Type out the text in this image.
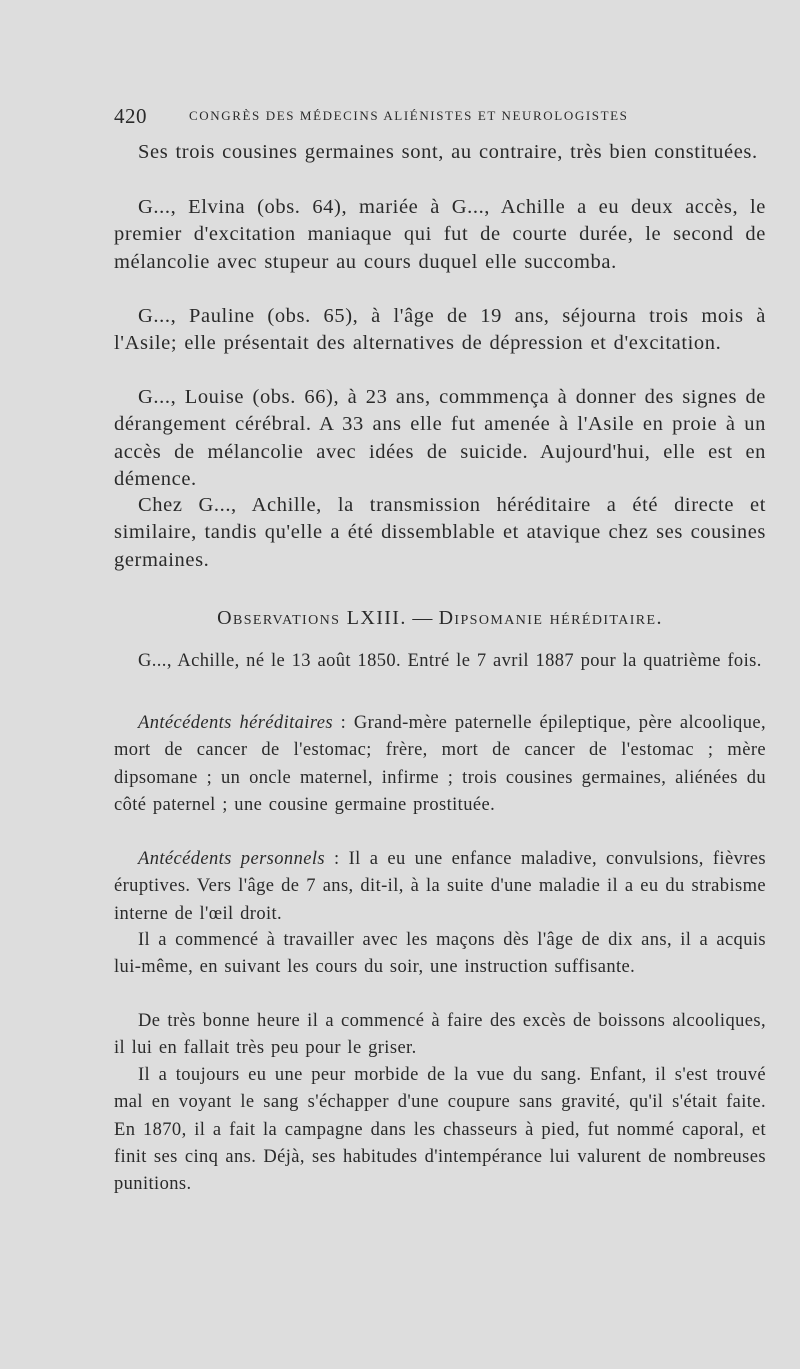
420	CONGRÈS DES MÉDECINS ALIÉNISTES ET NEUROLOGISTES

Ses trois cousines germaines sont, au contraire, très bien constituées.

G..., Elvina (obs. 64), mariée à G..., Achille a eu deux accès, le premier d'excitation maniaque qui fut de courte durée, le second de mélancolie avec stupeur au cours duquel elle succomba.

G..., Pauline (obs. 65), à l'âge de 19 ans, séjourna trois mois à l'Asile; elle présentait des alternatives de dépression et d'excitation.

G..., Louise (obs. 66), à 23 ans, commmença à donner des signes de dérangement cérébral. A 33 ans elle fut amenée à l'Asile en proie à un accès de mélancolie avec idées de suicide. Aujourd'hui, elle est en démence.

Chez G..., Achille, la transmission héréditaire a été directe et similaire, tandis qu'elle a été dissemblable et atavique chez ses cousines germaines.

Observations LXIII. — Dipsomanie héréditaire.

G..., Achille, né le 13 août 1850. Entré le 7 avril 1887 pour la quatrième fois.

Antécédents héréditaires : Grand-mère paternelle épileptique, père alcoolique, mort de cancer de l'estomac; frère, mort de cancer de l'estomac ; mère dipsomane ; un oncle maternel, infirme ; trois cousines germaines, aliénées du côté paternel ; une cousine germaine prostituée.

Antécédents personnels : Il a eu une enfance maladive, convulsions, fièvres éruptives. Vers l'âge de 7 ans, dit-il, à la suite d'une maladie il a eu du strabisme interne de l'œil droit.

Il a commencé à travailler avec les maçons dès l'âge de dix ans, il a acquis lui-même, en suivant les cours du soir, une instruction suffisante.

De très bonne heure il a commencé à faire des excès de boissons alcooliques, il lui en fallait très peu pour le griser.

Il a toujours eu une peur morbide de la vue du sang. Enfant, il s'est trouvé mal en voyant le sang s'échapper d'une coupure sans gravité, qu'il s'était faite. En 1870, il a fait la campagne dans les chasseurs à pied, fut nommé caporal, et finit ses cinq ans. Déjà, ses habitudes d'intempérance lui valurent de nombreuses punitions.
